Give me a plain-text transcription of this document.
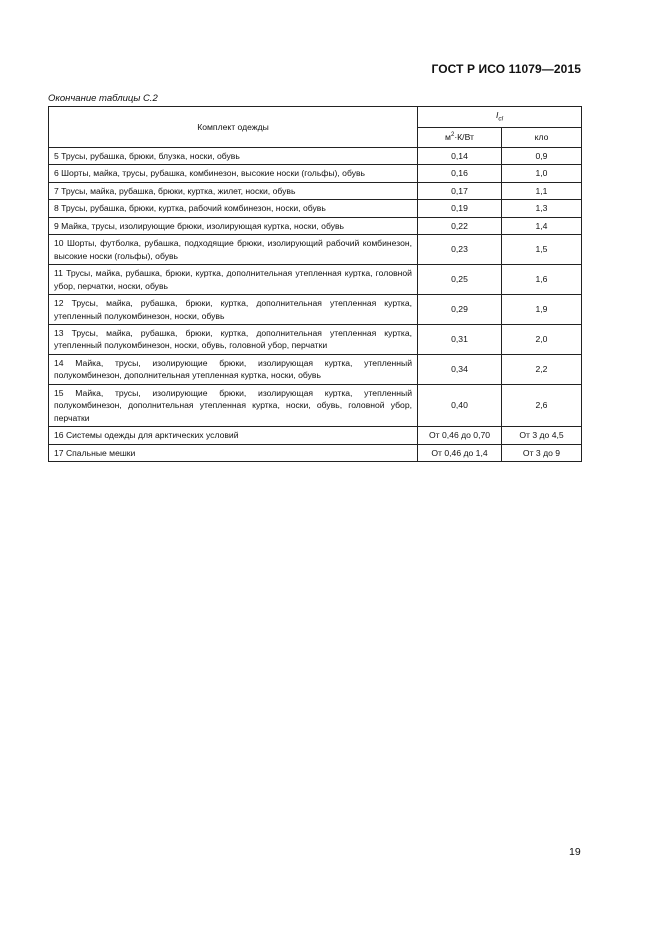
ГОСТ Р ИСО 11079—2015
Окончание таблицы С.2
Комплект одежды	$I_{cl}$
	$м^2\cdot К/Вт$	кло
5 Трусы, рубашка, брюки, блузка, носки, обувь	0,14	0,9
6 Шорты, майка, трусы, рубашка, комбинезон, высокие носки (гольфы), обувь	0,16	1,0
7 Трусы, майка, рубашка, брюки, куртка, жилет, носки, обувь	0,17	1,1
8 Трусы, рубашка, брюки, куртка, рабочий комбинезон, носки, обувь	0,19	1,3
9 Майка, трусы, изолирующие брюки, изолирующая куртка, носки, обувь	0,22	1,4
10 Шорты, футболка, рубашка, подходящие брюки, изолирующий рабочий комбинезон, высокие носки (гольфы), обувь	0,23	1,5
11 Трусы, майка, рубашка, брюки, куртка, дополнительная утепленная куртка, головной убор, перчатки, носки, обувь	0,25	1,6
12 Трусы, майка, рубашка, брюки, куртка, дополнительная утепленная куртка, утепленный полукомбинезон, носки, обувь	0,29	1,9
13 Трусы, майка, рубашка, брюки, куртка, дополнительная утепленная куртка, утепленный полукомбинезон, носки, обувь, головной убор, перчатки	0,31	2,0
14 Майка, трусы, изолирующие брюки, изолирующая куртка, утепленный полукомбинезон, дополнительная утепленная куртка, носки, обувь	0,34	2,2
15 Майка, трусы, изолирующие брюки, изолирующая куртка, утепленный полукомбинезон, дополнительная утепленная куртка, носки, обувь, головной убор, перчатки	0,40	2,6
16 Системы одежды для арктических условий	От 0,46 до 0,70	От 3 до 4,5
17 Спальные мешки	От 0,46 до 1,4	От 3 до 9
19
